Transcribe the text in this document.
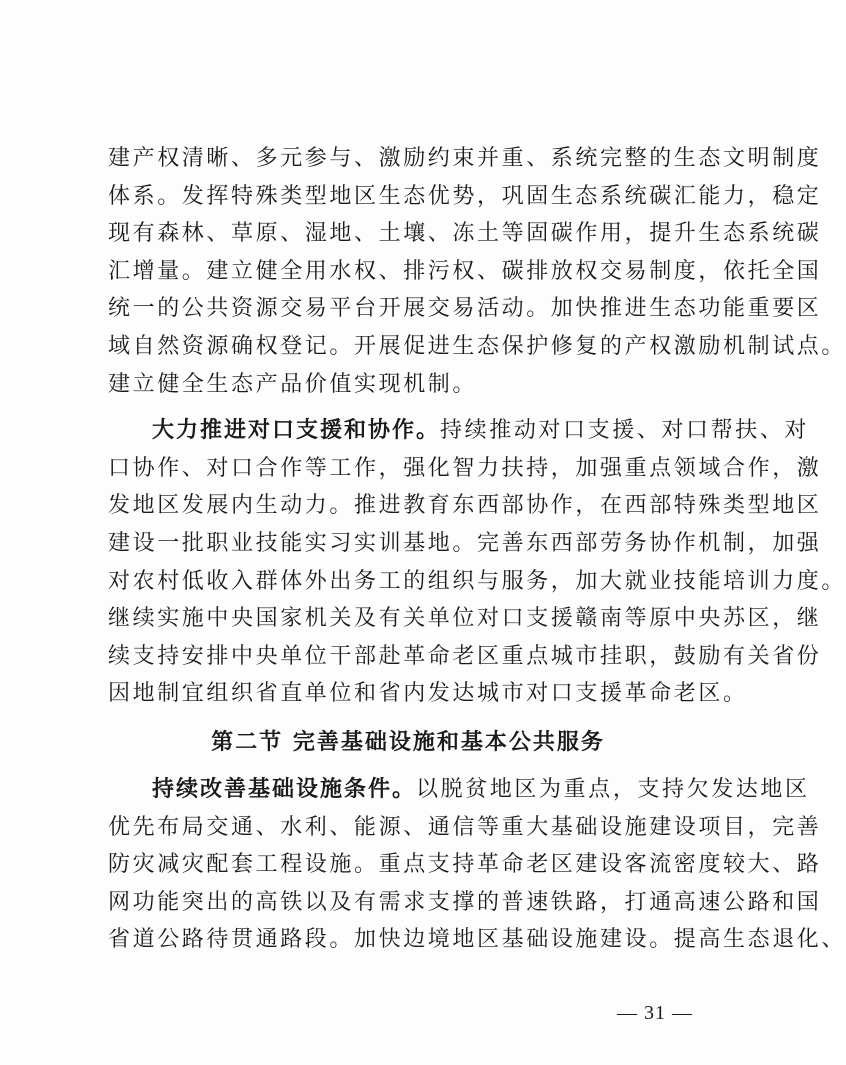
建产权清晰、多元参与、激励约束并重、系统完整的生态文明制度
体系。发挥特殊类型地区生态优势，巩固生态系统碳汇能力，稳定
现有森林、草原、湿地、土壤、冻土等固碳作用，提升生态系统碳
汇增量。建立健全用水权、排污权、碳排放权交易制度，依托全国
统一的公共资源交易平台开展交易活动。加快推进生态功能重要区
域自然资源确权登记。开展促进生态保护修复的产权激励机制试点。
建立健全生态产品价值实现机制。
大力推进对口支援和协作。持续推动对口支援、对口帮扶、对
口协作、对口合作等工作，强化智力扶持，加强重点领域合作，激
发地区发展内生动力。推进教育东西部协作，在西部特殊类型地区
建设一批职业技能实习实训基地。完善东西部劳务协作机制，加强
对农村低收入群体外出务工的组织与服务，加大就业技能培训力度。
继续实施中央国家机关及有关单位对口支援赣南等原中央苏区，继
续支持安排中央单位干部赴革命老区重点城市挂职，鼓励有关省份
因地制宜组织省直单位和省内发达城市对口支援革命老区。
第二节 完善基础设施和基本公共服务
持续改善基础设施条件。以脱贫地区为重点，支持欠发达地区
优先布局交通、水利、能源、通信等重大基础设施建设项目，完善
防灾减灾配套工程设施。重点支持革命老区建设客流密度较大、路
网功能突出的高铁以及有需求支撑的普速铁路，打通高速公路和国
省道公路待贯通路段。加快边境地区基础设施建设。提高生态退化、
— 31 —
